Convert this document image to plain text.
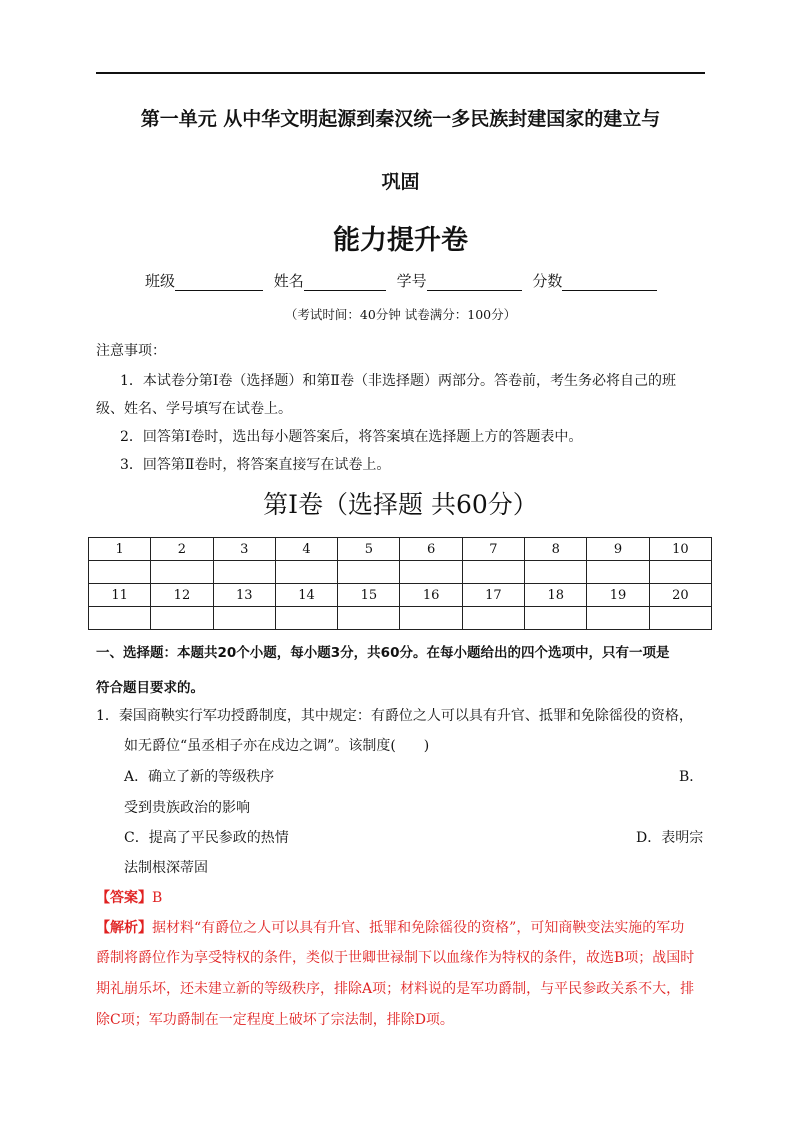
第一单元 从中华文明起源到秦汉统一多民族封建国家的建立与
巩固
能力提升卷
班级	姓名	学号	分数
（考试时间：40分钟 试卷满分：100分）
注意事项：
1．本试卷分第Ⅰ卷（选择题）和第Ⅱ卷（非选择题）两部分。答卷前，考生务必将自己的班
级、姓名、学号填写在试卷上。
2．回答第Ⅰ卷时，选出每小题答案后，将答案填在选择题上方的答题表中。
3．回答第Ⅱ卷时，将答案直接写在试卷上。
第Ⅰ卷（选择题 共60分）
1	2	3	4	5	6	7	8	9	10

11	12	13	14	15	16	17	18	19	20

一、选择题：本题共20个小题，每小题3分，共60分。在每小题给出的四个选项中，只有一项是
符合题目要求的。
1．秦国商鞅实行军功授爵制度，其中规定：有爵位之人可以具有升官、抵罪和免除徭役的资格，
如无爵位“虽丞相子亦在戍边之调”。该制度(　　)
A．确立了新的等级秩序	B．
受到贵族政治的影响
C．提高了平民参政的热情	D．表明宗
法制根深蒂固
【答案】B
【解析】据材料“有爵位之人可以具有升官、抵罪和免除徭役的资格”，可知商鞅变法实施的军功
爵制将爵位作为享受特权的条件，类似于世卿世禄制下以血缘作为特权的条件，故选B项；战国时
期礼崩乐坏，还未建立新的等级秩序，排除A项；材料说的是军功爵制，与平民参政关系不大，排
除C项；军功爵制在一定程度上破坏了宗法制，排除D项。
